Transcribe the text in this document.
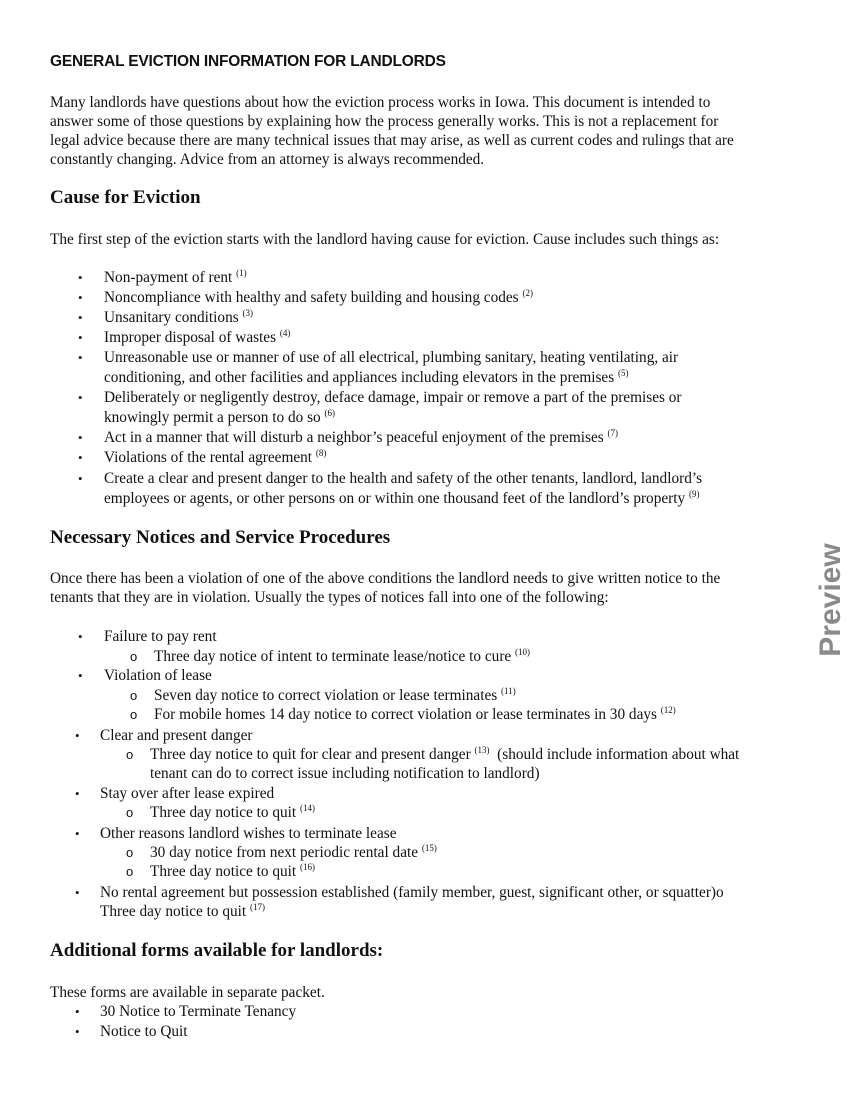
GENERAL EVICTION INFORMATION FOR LANDLORDS
Many landlords have questions about how the eviction process works in Iowa. This document is intended to
answer some of those questions by explaining how the process generally works. This is not a replacement for
legal advice because there are many technical issues that may arise, as well as current codes and rulings that are
constantly changing. Advice from an attorney is always recommended.
Cause for Eviction
The first step of the eviction starts with the landlord having cause for eviction. Cause includes such things as:
• Non-payment of rent $^{(1)}$
• Noncompliance with healthy and safety building and housing codes $^{(2)}$
• Unsanitary conditions $^{(3)}$
• Improper disposal of wastes $^{(4)}$
• Unreasonable use or manner of use of all electrical, plumbing sanitary, heating ventilating, air
conditioning, and other facilities and appliances including elevators in the premises $^{(5)}$
• Deliberately or negligently destroy, deface damage, impair or remove a part of the premises or
knowingly permit a person to do so $^{(6)}$
• Act in a manner that will disturb a neighbor’s peaceful enjoyment of the premises $^{(7)}$
• Violations of the rental agreement $^{(8)}$
• Create a clear and present danger to the health and safety of the other tenants, landlord, landlord’s
employees or agents, or other persons on or within one thousand feet of the landlord’s property $^{(9)}$
Necessary Notices and Service Procedures
Once there has been a violation of one of the above conditions the landlord needs to give written notice to the
tenants that they are in violation. Usually the types of notices fall into one of the following:
• Failure to pay rent
o Three day notice of intent to terminate lease/notice to cure $^{(10)}$
• Violation of lease
o Seven day notice to correct violation or lease terminates $^{(11)}$
o For mobile homes 14 day notice to correct violation or lease terminates in 30 days $^{(12)}$
• Clear and present danger
o Three day notice to quit for clear and present danger $^{(13)}$ (should include information about what
tenant can do to correct issue including notification to landlord)
• Stay over after lease expired
o Three day notice to quit $^{(14)}$
• Other reasons landlord wishes to terminate lease
o 30 day notice from next periodic rental date $^{(15)}$
o Three day notice to quit $^{(16)}$
• No rental agreement but possession established (family member, guest, significant other, or squatter)o
Three day notice to quit $^{(17)}$
Additional forms available for landlords:
These forms are available in separate packet.
• 30 Notice to Terminate Tenancy
• Notice to Quit
Preview
